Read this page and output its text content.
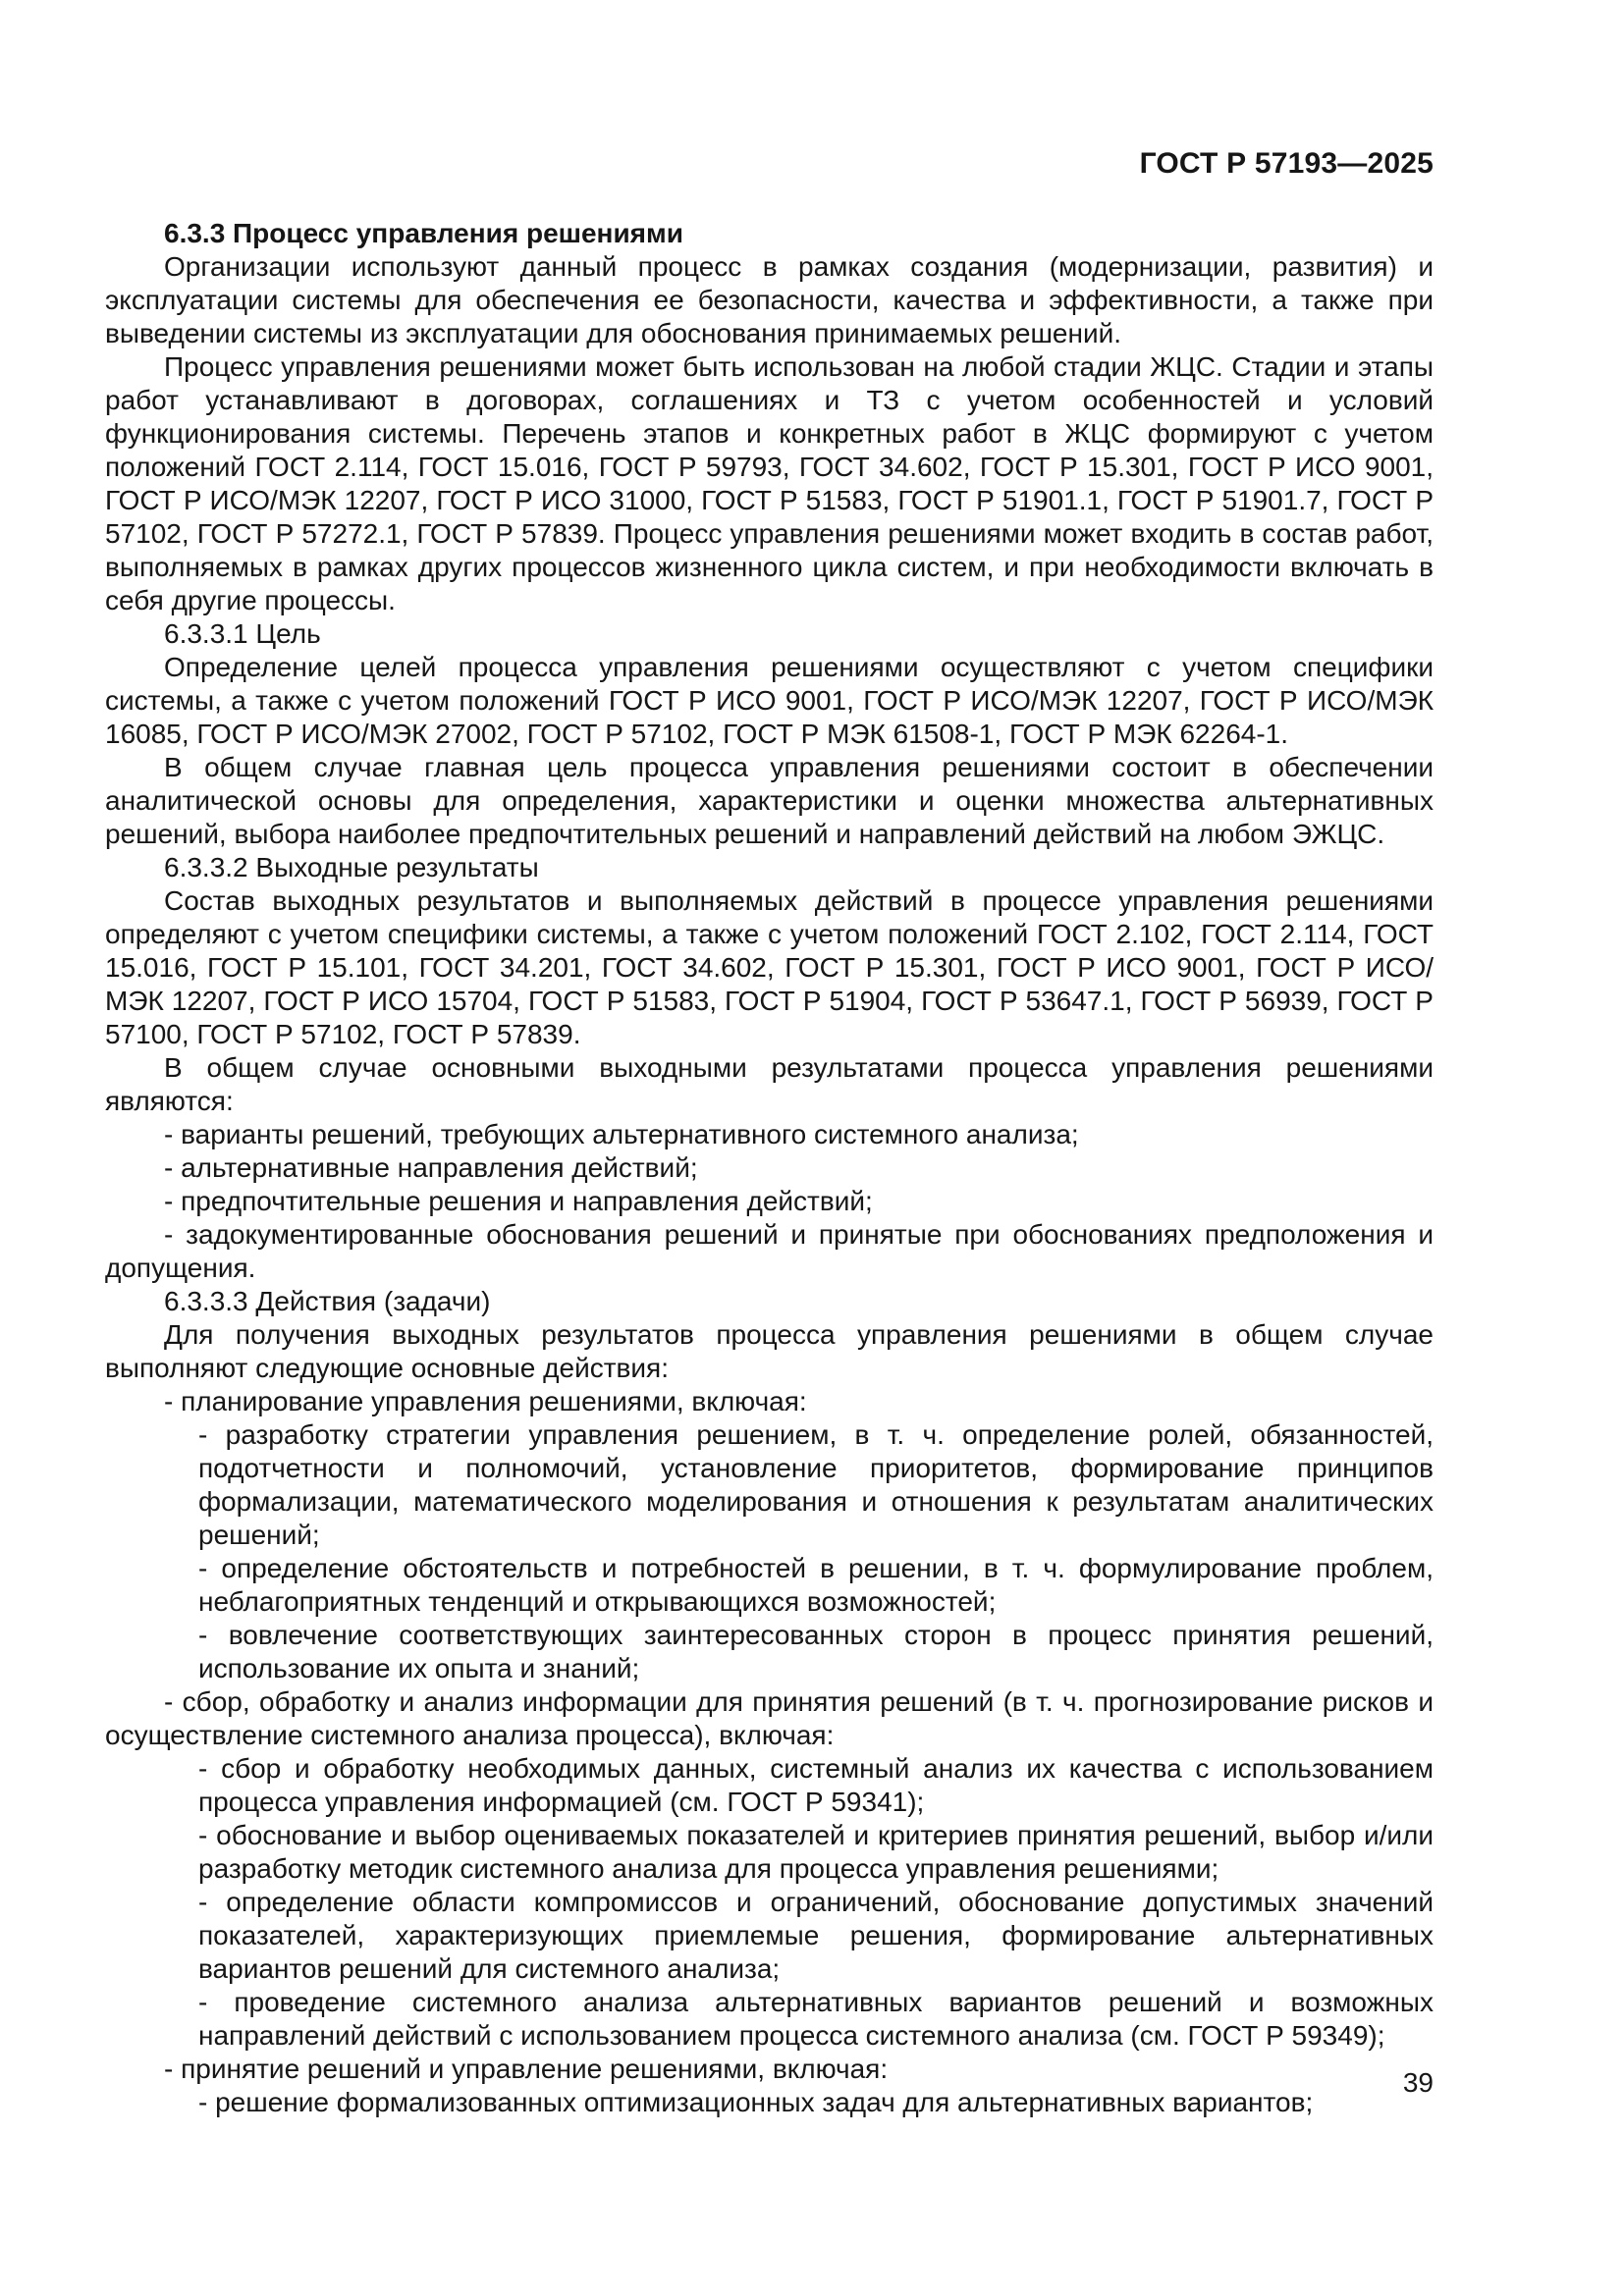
ГОСТ Р 57193—2025
6.3.3 Процесс управления решениями
Организации используют данный процесс в рамках создания (модернизации, развития) и эксплуатации системы для обеспечения ее безопасности, качества и эффективности, а также при выведении системы из эксплуатации для обоснования принимаемых решений.
Процесс управления решениями может быть использован на любой стадии ЖЦС. Стадии и этапы работ устанавливают в договорах, соглашениях и ТЗ с учетом особенностей и условий функционирования системы. Перечень этапов и конкретных работ в ЖЦС формируют с учетом положений ГОСТ 2.114, ГОСТ 15.016, ГОСТ Р 59793, ГОСТ 34.602, ГОСТ Р 15.301, ГОСТ Р ИСО 9001, ГОСТ Р ИСО/МЭК 12207, ГОСТ Р ИСО 31000, ГОСТ Р 51583, ГОСТ Р 51901.1, ГОСТ Р 51901.7, ГОСТ Р 57102, ГОСТ Р 57272.1, ГОСТ Р 57839. Процесс управления решениями может входить в состав работ, выполняемых в рамках других процессов жизненного цикла систем, и при необходимости включать в себя другие процессы.
6.3.3.1 Цель
Определение целей процесса управления решениями осуществляют с учетом специфики системы, а также с учетом положений ГОСТ Р ИСО 9001, ГОСТ Р ИСО/МЭК 12207, ГОСТ Р ИСО/МЭК 16085, ГОСТ Р ИСО/МЭК 27002, ГОСТ Р 57102, ГОСТ Р МЭК 61508-1, ГОСТ Р МЭК 62264-1.
В общем случае главная цель процесса управления решениями состоит в обеспечении аналитической основы для определения, характеристики и оценки множества альтернативных решений, выбора наиболее предпочтительных решений и направлений действий на любом ЭЖЦС.
6.3.3.2 Выходные результаты
Состав выходных результатов и выполняемых действий в процессе управления решениями определяют с учетом специфики системы, а также с учетом положений ГОСТ 2.102, ГОСТ 2.114, ГОСТ 15.016, ГОСТ Р 15.101, ГОСТ 34.201, ГОСТ 34.602, ГОСТ Р 15.301, ГОСТ Р ИСО 9001, ГОСТ Р ИСО/МЭК 12207, ГОСТ Р ИСО 15704, ГОСТ Р 51583, ГОСТ Р 51904, ГОСТ Р 53647.1, ГОСТ Р 56939, ГОСТ Р 57100, ГОСТ Р 57102, ГОСТ Р 57839.
В общем случае основными выходными результатами процесса управления решениями являются:
- варианты решений, требующих альтернативного системного анализа;
- альтернативные направления действий;
- предпочтительные решения и направления действий;
- задокументированные обоснования решений и принятые при обоснованиях предположения и допущения.
6.3.3.3 Действия (задачи)
Для получения выходных результатов процесса управления решениями в общем случае выполняют следующие основные действия:
- планирование управления решениями, включая:
- разработку стратегии управления решением, в т. ч. определение ролей, обязанностей, подотчетности и полномочий, установление приоритетов, формирование принципов формализации, математического моделирования и отношения к результатам аналитических решений;
- определение обстоятельств и потребностей в решении, в т. ч. формулирование проблем, неблагоприятных тенденций и открывающихся возможностей;
- вовлечение соответствующих заинтересованных сторон в процесс принятия решений, использование их опыта и знаний;
- сбор, обработку и анализ информации для принятия решений (в т. ч. прогнозирование рисков и осуществление системного анализа процесса), включая:
- сбор и обработку необходимых данных, системный анализ их качества с использованием процесса управления информацией (см. ГОСТ Р 59341);
- обоснование и выбор оцениваемых показателей и критериев принятия решений, выбор и/или разработку методик системного анализа для процесса управления решениями;
- определение области компромиссов и ограничений, обоснование допустимых значений показателей, характеризующих приемлемые решения, формирование альтернативных вариантов решений для системного анализа;
- проведение системного анализа альтернативных вариантов решений и возможных направлений действий с использованием процесса системного анализа (см. ГОСТ Р 59349);
- принятие решений и управление решениями, включая:
- решение формализованных оптимизационных задач для альтернативных вариантов;
39
